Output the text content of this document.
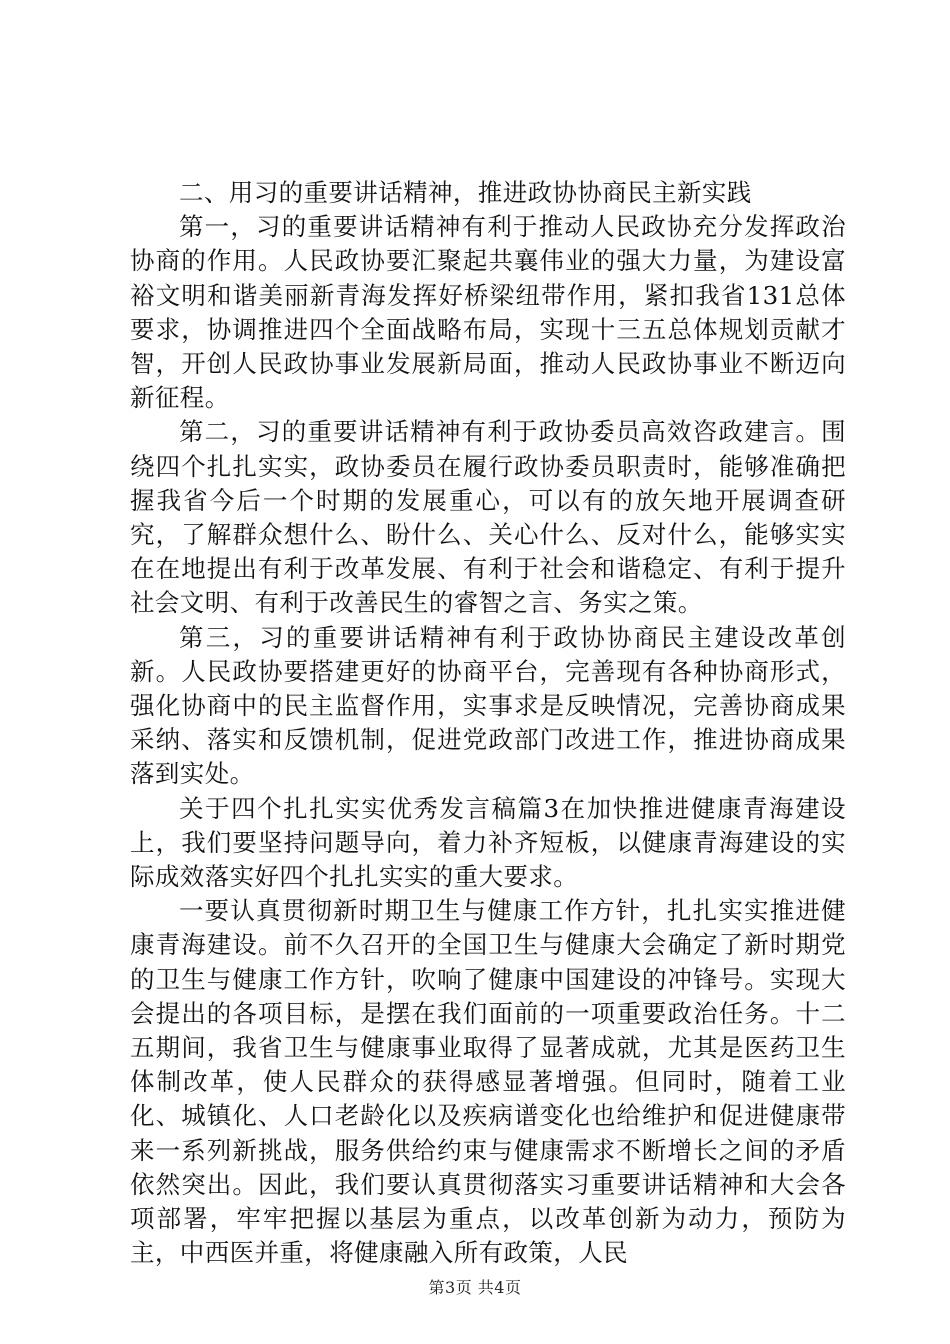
二、用习的重要讲话精神，推进政协协商民主新实践

第一，习的重要讲话精神有利于推动人民政协充分发挥政治协商的作用。人民政协要汇聚起共襄伟业的强大力量，为建设富裕文明和谐美丽新青海发挥好桥梁纽带作用，紧扣我省131总体要求，协调推进四个全面战略布局，实现十三五总体规划贡献才智，开创人民政协事业发展新局面，推动人民政协事业不断迈向新征程。

第二，习的重要讲话精神有利于政协委员高效咨政建言。围绕四个扎扎实实，政协委员在履行政协委员职责时，能够准确把握我省今后一个时期的发展重心，可以有的放矢地开展调查研究，了解群众想什么、盼什么、关心什么、反对什么，能够实实在在地提出有利于改革发展、有利于社会和谐稳定、有利于提升社会文明、有利于改善民生的睿智之言、务实之策。

第三，习的重要讲话精神有利于政协协商民主建设改革创新。人民政协要搭建更好的协商平台，完善现有各种协商形式，强化协商中的民主监督作用，实事求是反映情况，完善协商成果采纳、落实和反馈机制，促进党政部门改进工作，推进协商成果落到实处。

关于四个扎扎实实优秀发言稿篇3在加快推进健康青海建设上，我们要坚持问题导向，着力补齐短板，以健康青海建设的实际成效落实好四个扎扎实实的重大要求。

一要认真贯彻新时期卫生与健康工作方针，扎扎实实推进健康青海建设。前不久召开的全国卫生与健康大会确定了新时期党的卫生与健康工作方针，吹响了健康中国建设的冲锋号。实现大会提出的各项目标，是摆在我们面前的一项重要政治任务。十二五期间，我省卫生与健康事业取得了显著成就，尤其是医药卫生体制改革，使人民群众的获得感显著增强。但同时，随着工业化、城镇化、人口老龄化以及疾病谱变化也给维护和促进健康带来一系列新挑战，服务供给约束与健康需求不断增长之间的矛盾依然突出。因此，我们要认真贯彻落实习重要讲话精神和大会各项部署，牢牢把握以基层为重点，以改革创新为动力，预防为主，中西医并重，将健康融入所有政策，人民

第3页 共4页
